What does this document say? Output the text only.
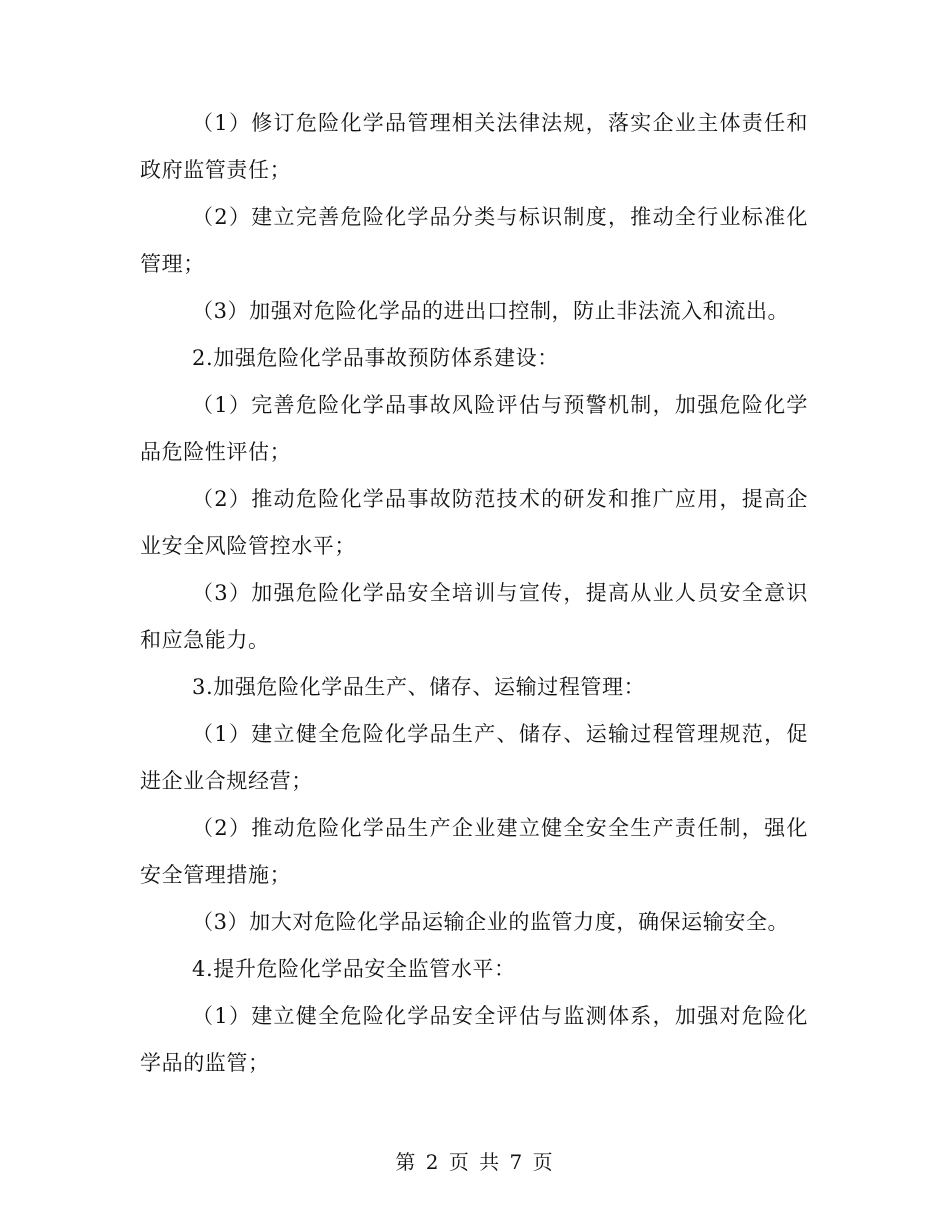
（1）修订危险化学品管理相关法律法规，落实企业主体责任和政府监管责任；

（2）建立完善危险化学品分类与标识制度，推动全行业标准化管理；

（3）加强对危险化学品的进出口控制，防止非法流入和流出。

2.加强危险化学品事故预防体系建设：

（1）完善危险化学品事故风险评估与预警机制，加强危险化学品危险性评估；

（2）推动危险化学品事故防范技术的研发和推广应用，提高企业安全风险管控水平；

（3）加强危险化学品安全培训与宣传，提高从业人员安全意识和应急能力。

3.加强危险化学品生产、储存、运输过程管理：

（1）建立健全危险化学品生产、储存、运输过程管理规范，促进企业合规经营；

（2）推动危险化学品生产企业建立健全安全生产责任制，强化安全管理措施；

（3）加大对危险化学品运输企业的监管力度，确保运输安全。

4.提升危险化学品安全监管水平：

（1）建立健全危险化学品安全评估与监测体系，加强对危险化学品的监管；

第 2 页 共 7 页
